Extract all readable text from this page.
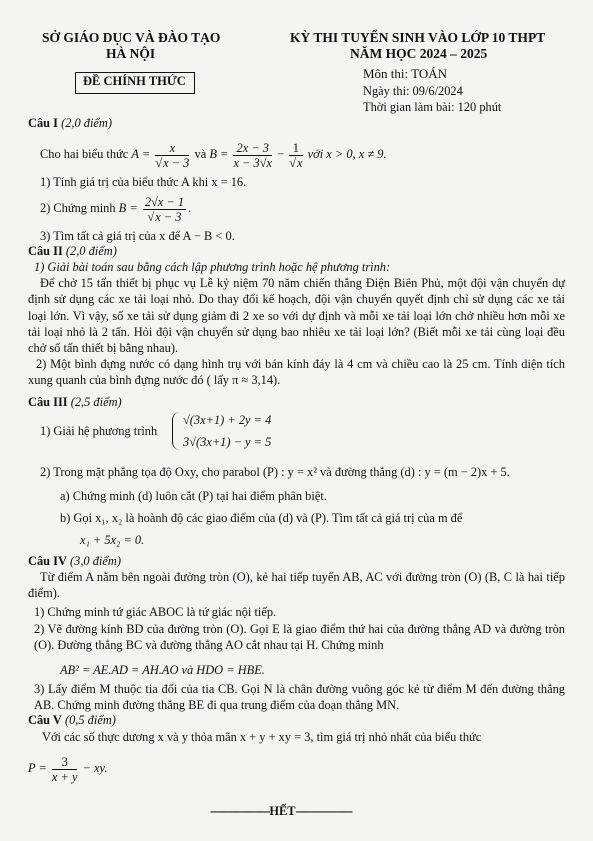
SỞ GIÁO DỤC VÀ ĐÀO TẠO
HÀ NỘI
ĐỀ CHÍNH THỨC
KỲ THI TUYỂN SINH VÀO LỚP 10 THPT
NĂM HỌC 2024 – 2025
Môn thi: TOÁN
Ngày thi: 09/6/2024
Thời gian làm bài: 120 phút
Câu I (2,0 điểm)
Cho hai biểu thức $A = \frac{x}{√x - 3}$ và $B = \frac{2x - 3}{x - 3√x} - \frac{1}{√x}$ với x > 0, x ≠ 9.
1) Tính giá trị của biểu thức A khi x = 16.
2) Chứng minh $B = \frac{2√x - 1}{√x - 3}$ .
3) Tìm tất cả giá trị của x để A − B < 0.
Câu II (2,0 điểm)
1) Giải bài toán sau bằng cách lập phương trình hoặc hệ phương trình:
Để chở 15 tấn thiết bị phục vụ Lễ kỷ niệm 70 năm chiến thắng Điện Biên Phủ, một đội vận chuyển dự định sử dụng các xe tải loại nhỏ. Do thay đổi kế hoạch, đội vận chuyển quyết định chỉ sử dụng các xe tải loại lớn. Vì vậy, số xe tải sử dụng giảm đi 2 xe so với dự định và mỗi xe tải loại lớn chở nhiều hơn mỗi xe tải loại nhỏ là 2 tấn. Hỏi đội vận chuyển sử dụng bao nhiêu xe tải loại lớn? (Biết mỗi xe tải cùng loại đều chở số tấn thiết bị bằng nhau).
2) Một bình đựng nước có dạng hình trụ với bán kính đáy là 4 cm và chiều cao là 25 cm. Tính diện tích xung quanh của bình đựng nước đó ( lấy π ≈ 3,14).
Câu III (2,5 điểm)
1) Giải hệ phương trình
√(3x+1) + 2y = 4
3√(3x+1) − y = 5
2) Trong mặt phẳng tọa độ Oxy, cho parabol (P) : y = x² và đường thẳng (d) : y = (m − 2)x + 5.
a) Chứng minh (d) luôn cắt (P) tại hai điểm phân biệt.
b) Gọi x₁, x₂ là hoành độ các giao điểm của (d) và (P). Tìm tất cả giá trị của m để
x₁ + 5x₂ = 0.
Câu IV (3,0 điểm)
Từ điểm A nằm bên ngoài đường tròn (O), kẻ hai tiếp tuyến AB, AC với đường tròn (O) (B, C là hai tiếp điểm).
1) Chứng minh tứ giác ABOC là tứ giác nội tiếp.
2) Vẽ đường kính BD của đường tròn (O). Gọi E là giao điểm thứ hai của đường thẳng AD và đường tròn (O). Đường thẳng BC và đường thẳng AO cắt nhau tại H. Chứng minh
AB² = AE.AD = AH.AO và HDO = HBE.
3) Lấy điểm M thuộc tia đối của tia CB. Gọi N là chân đường vuông góc kẻ từ điểm M đến đường thẳng AB. Chứng minh đường thẳng BE đi qua trung điểm của đoạn thẳng MN.
Câu V (0,5 điểm)
Với các số thực dương x và y thỏa mãn x + y + xy = 3, tìm giá trị nhỏ nhất của biểu thức
$P = \frac{3}{x + y}$ − xy.
-------------------HẾT------------------
